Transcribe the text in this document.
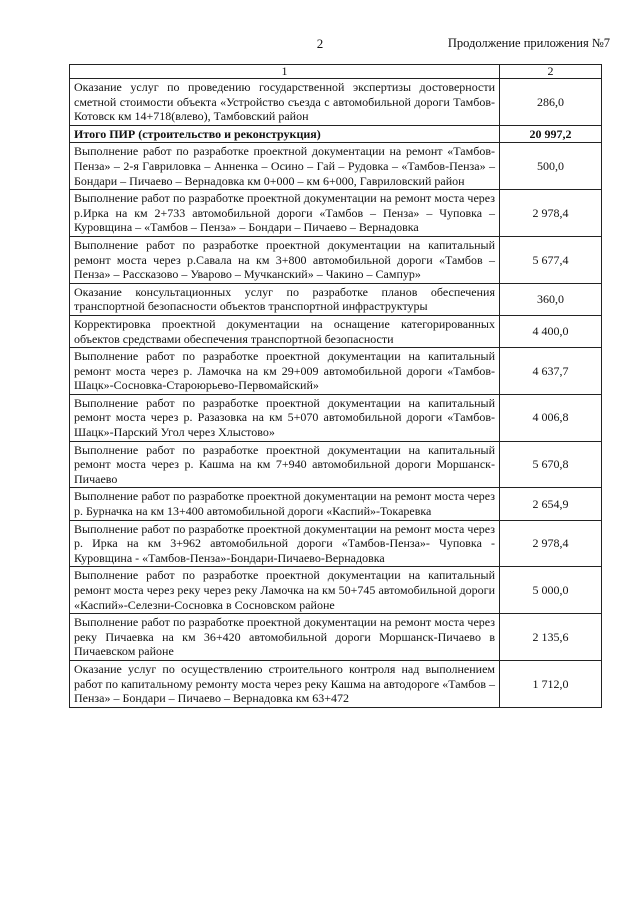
2	Продолжение приложения №7
1	2
Оказание услуг по проведению государственной экспертизы достоверности сметной стоимости объекта «Устройство съезда с автомобильной дороги Тамбов-Котовск км 14+718(влево), Тамбовский район	286,0
Итого ПИР (строительство и реконструкция)	20 997,2
Выполнение работ по разработке проектной документации на ремонт «Тамбов-Пенза» – 2-я Гавриловка – Анненка – Осино – Гай – Рудовка – «Тамбов-Пенза» – Бондари – Пичаево – Вернадовка км 0+000 – км 6+000, Гавриловский район	500,0
Выполнение работ по разработке проектной документации на ремонт моста через р.Ирка на км 2+733 автомобильной дороги «Тамбов – Пенза» – Чуповка – Куровщина – «Тамбов – Пенза» – Бондари – Пичаево – Вернадовка	2 978,4
Выполнение работ по разработке проектной документации на капитальный ремонт моста через р.Савала на км 3+800 автомобильной дороги «Тамбов – Пенза» – Рассказово – Уварово – Мучканский» – Чакино – Сампур»	5 677,4
Оказание консультационных услуг по разработке планов обеспечения транспортной безопасности объектов транспортной инфраструктуры	360,0
Корректировка проектной документации на оснащение категорированных объектов средствами обеспечения транспортной безопасности	4 400,0
Выполнение работ по разработке проектной документации на капитальный ремонт моста через р. Ламочка на км 29+009 автомобильной дороги «Тамбов-Шацк»-Сосновка-Староюрьево-Первомайский»	4 637,7
Выполнение работ по разработке проектной документации на капитальный ремонт моста через р. Разазовка на км 5+070 автомобильной дороги «Тамбов-Шацк»-Парский Угол через Хлыстово»	4 006,8
Выполнение работ по разработке проектной документации на капитальный ремонт моста через р. Кашма на км 7+940 автомобильной дороги Моршанск-Пичаево	5 670,8
Выполнение работ по разработке проектной документации на ремонт моста через р. Бурначка на км 13+400 автомобильной дороги «Каспий»-Токаревка	2 654,9
Выполнение работ по разработке проектной документации на ремонт моста через р. Ирка на км 3+962 автомобильной дороги «Тамбов-Пенза»- Чуповка - Куровщина - «Тамбов-Пенза»-Бондари-Пичаево-Вернадовка	2 978,4
Выполнение работ по разработке проектной документации на капитальный ремонт моста через реку через реку Ламочка на км 50+745 автомобильной дороги «Каспий»-Селезни-Сосновка в Сосновском районе	5 000,0
Выполнение работ по разработке проектной документации на ремонт моста через реку Пичаевка на км 36+420 автомобильной дороги Моршанск-Пичаево в Пичаевском районе	2 135,6
Оказание услуг по осуществлению строительного контроля над выполнением работ по капитальному ремонту моста через реку Кашма на автодороге «Тамбов – Пенза» – Бондари – Пичаево – Вернадовка км 63+472	1 712,0
